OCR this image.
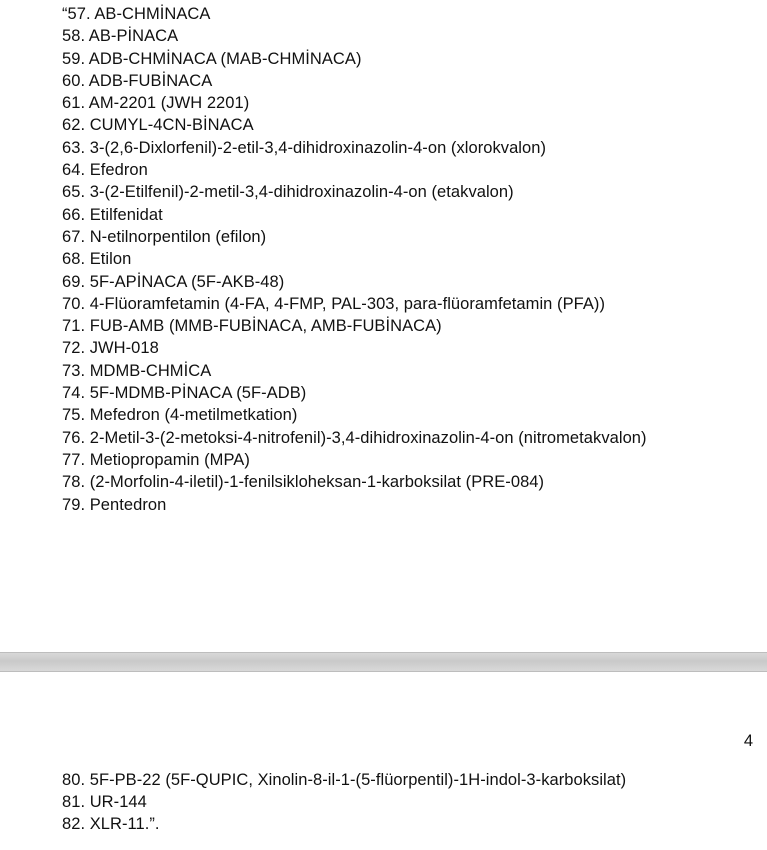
“57. AB-CHMİNACA
58. AB-PİNACA
59. ADB-CHMİNACA (MAB-CHMİNACA)
60. ADB-FUBİNACA
61. AM-2201 (JWH 2201)
62. CUMYL-4CN-BİNACA
63. 3-(2,6-Dixlorfenil)-2-etil-3,4-dihidroxinazolin-4-on (xlorokvalon)
64. Efedron
65. 3-(2-Etilfenil)-2-metil-3,4-dihidroxinazolin-4-on (etakvalon)
66. Etilfenidat
67. N-etilnorpentilon (efilon)
68. Etilon
69. 5F-APİNACA (5F-AKB-48)
70. 4-Flüoramfetamin (4-FA, 4-FMP, PAL-303, para-flüoramfetamin (PFA))
71. FUB-AMB (MMB-FUBİNACA, AMB-FUBİNACA)
72. JWH-018
73. MDMB-CHMİCA
74. 5F-MDMB-PİNACA (5F-ADB)
75. Mefedron (4-metilmetkation)
76. 2-Metil-3-(2-metoksi-4-nitrofenil)-3,4-dihidroxinazolin-4-on (nitrometakvalon)
77. Metiopropamin (MPA)
78. (2-Morfolin-4-iletil)-1-fenilsikloheksan-1-karboksilat (PRE-084)
79. Pentedron
4
80. 5F-PB-22 (5F-QUPIC, Xinolin-8-il-1-(5-flüorpentil)-1H-indol-3-karboksilat)
81. UR-144
82. XLR-11.”.
